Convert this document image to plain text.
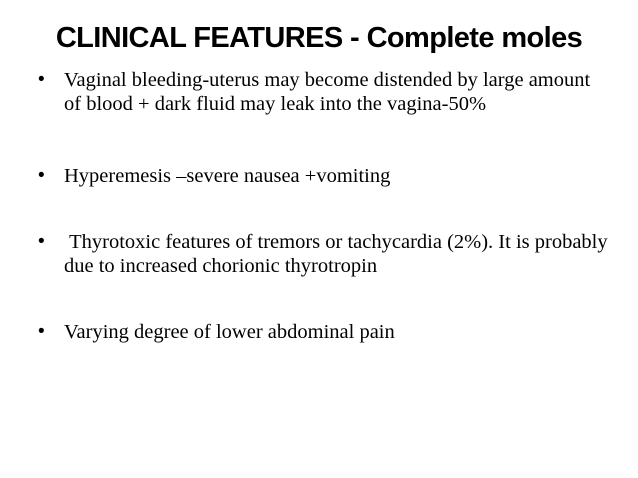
CLINICAL FEATURES - Complete moles
• Vaginal bleeding-uterus may become distended by large amount of blood + dark fluid may leak into the vagina-50%
• Hyperemesis –severe nausea +vomiting
• Thyrotoxic features of tremors or tachycardia (2%). It is probably due to increased chorionic thyrotropin
• Varying degree of lower abdominal pain
